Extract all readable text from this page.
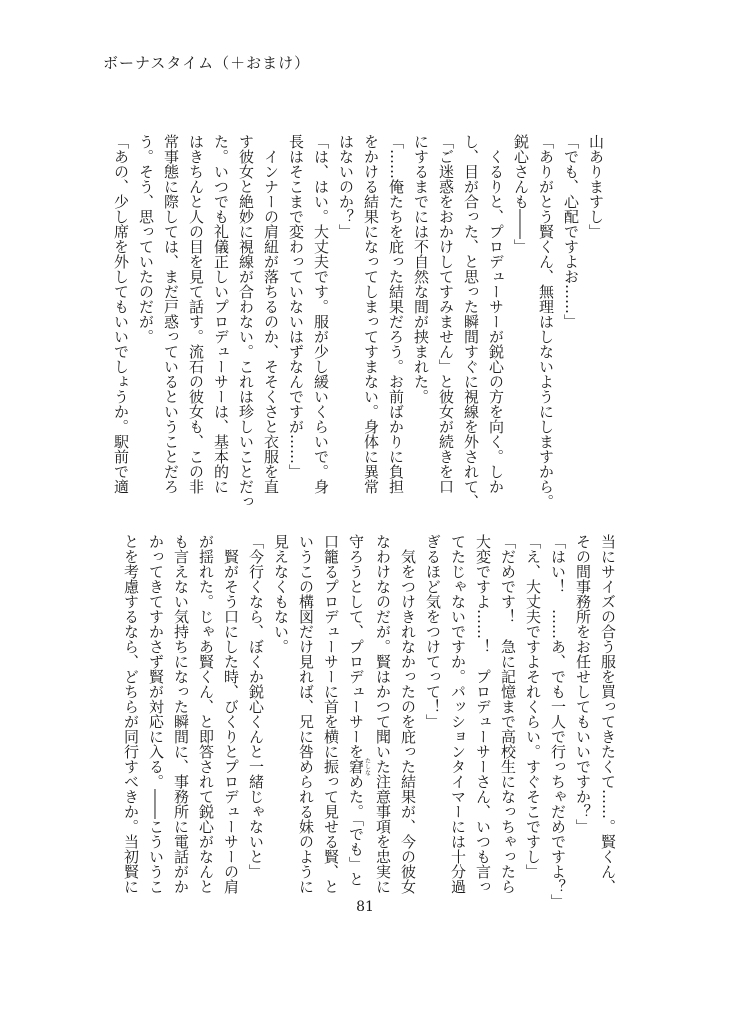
ボーナスタイム（＋おまけ）

山ありますし」

「でも、心配ですよお……」

「ありがとう賢くん、無理はしないようにしますから。

鋭心さんも――」

　くるりと、プロデューサーが鋭心の方を向く。しか

し、目が合った、と思った瞬間すぐに視線を外されて、

「ご迷惑をおかけしてすみません」と彼女が続きを口

にするまでには不自然な間が挟まれた。

「……俺たちを庇った結果だろう。お前ばかりに負担

をかける結果になってしまってすまない。身体に異常

はないのか？」

「は、はい。大丈夫です。服が少し緩いくらいで。身

長はそこまで変わっていないはずなんですが……」

　インナーの肩紐が落ちるのか、そそくさと衣服を直

す彼女と絶妙に視線が合わない。これは珍しいことだっ

た。いつでも礼儀正しいプロデューサーは、基本的に

はきちんと人の目を見て話す。流石の彼女も、この非

常事態に際しては、まだ戸惑っているということだろ

う。そう、思っていたのだが。

「あの、少し席を外してもいいでしょうか。駅前で適

当にサイズの合う服を買ってきたくて……。賢くん、

その間事務所をお任せしてもいいですか？」

「はい！　……あ、でも一人で行っちゃだめですよ？」

「え、大丈夫ですよそれくらい。すぐそこですし」

「だめです！　急に記憶まで高校生になっちゃったら

大変ですよ……！　プロデューサーさん、いつも言っ

てたじゃないですか。パッションタイマーには十分過

ぎるほど気をつけてって！」

　気をつけきれなかったのを庇った結果が、今の彼女

なわけなのだが。賢はかつて聞いた注意事項を忠実に

守ろうとして、プロデューサーを窘たしなめた。「でも」と

口籠るプロデューサーに首を横に振って見せる賢、と

いうこの構図だけ見れば、兄に咎められる妹のように

見えなくもない。

「今行くなら、ぼくか鋭心くんと一緒じゃないと」

　賢がそう口にした時、びくりとプロデューサーの肩

が揺れた。じゃあ賢くん、と即答されて鋭心がなんと

も言えない気持ちになった瞬間に、事務所に電話がか

かってきてすかさず賢が対応に入る。――こういうこ

とを考慮するなら、どちらが同行すべきか。当初賢に

81
